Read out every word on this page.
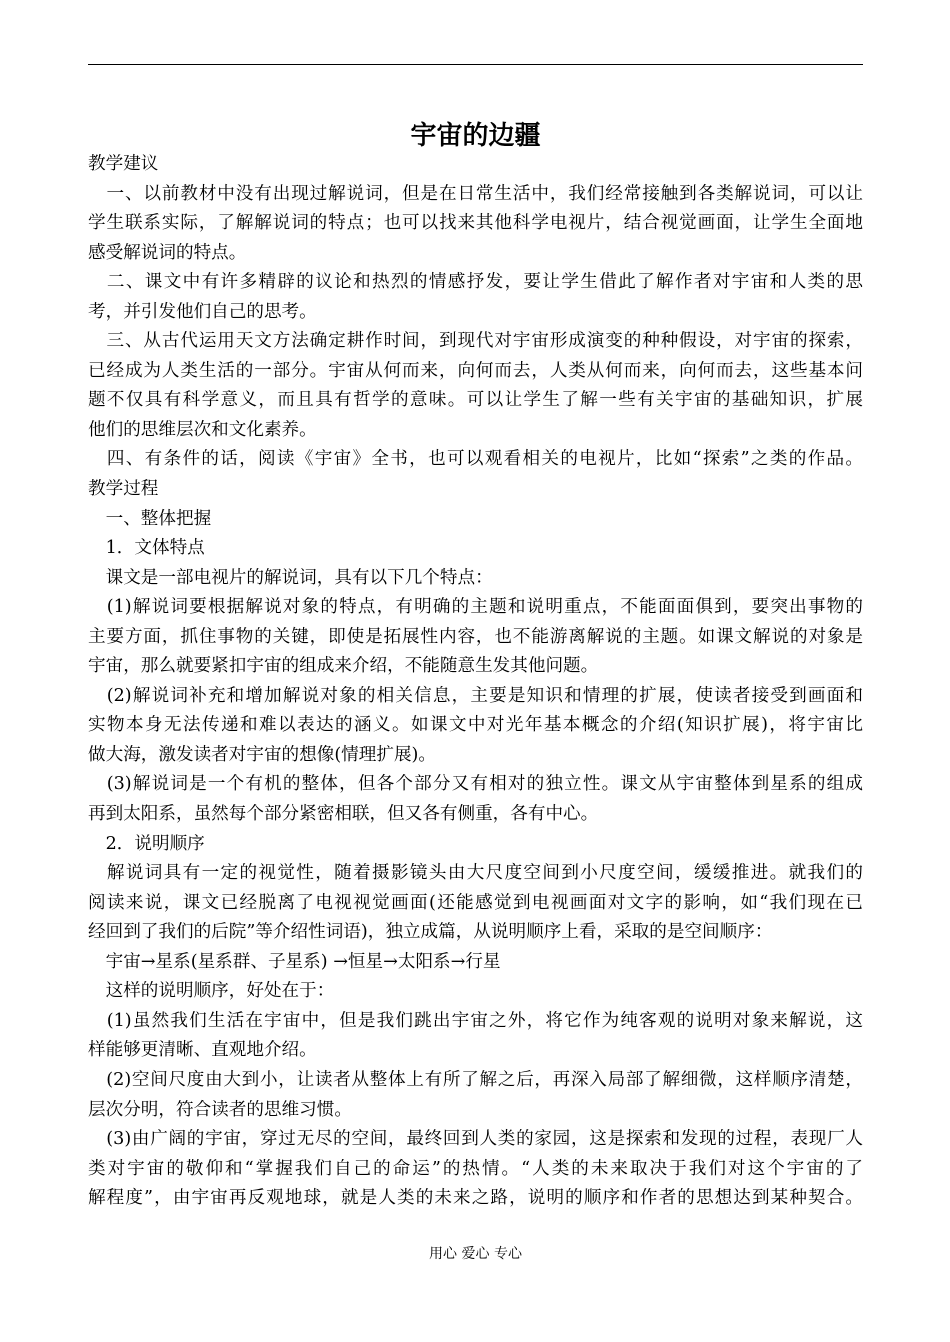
宇宙的边疆
教学建议
　一、以前教材中没有出现过解说词，但是在日常生活中，我们经常接触到各类解说词，可以让
学生联系实际，了解解说词的特点；也可以找来其他科学电视片，结合视觉画面，让学生全面地
感受解说词的特点。
　二、课文中有许多精辟的议论和热烈的情感抒发，要让学生借此了解作者对宇宙和人类的思
考，并引发他们自己的思考。
　三、从古代运用天文方法确定耕作时间，到现代对宇宙形成演变的种种假设，对宇宙的探索，
已经成为人类生活的一部分。宇宙从何而来，向何而去，人类从何而来，向何而去，这些基本问
题不仅具有科学意义，而且具有哲学的意味。可以让学生了解一些有关宇宙的基础知识，扩展
他们的思维层次和文化素养。
　四、有条件的话，阅读《宇宙》全书，也可以观看相关的电视片，比如“探索”之类的作品。
教学过程
　一、整体把握
　1．文体特点
　课文是一部电视片的解说词，具有以下几个特点：
　(1)解说词要根据解说对象的特点，有明确的主题和说明重点，不能面面俱到，要突出事物的
主要方面，抓住事物的关键，即使是拓展性内容，也不能游离解说的主题。如课文解说的对象是
宇宙，那么就要紧扣宇宙的组成来介绍，不能随意生发其他问题。
　(2)解说词补充和增加解说对象的相关信息，主要是知识和情理的扩展，使读者接受到画面和
实物本身无法传递和难以表达的涵义。如课文中对光年基本概念的介绍(知识扩展)，将宇宙比
做大海，激发读者对宇宙的想像(情理扩展)。
　(3)解说词是一个有机的整体，但各个部分又有相对的独立性。课文从宇宙整体到星系的组成
再到太阳系，虽然每个部分紧密相联，但又各有侧重，各有中心。
　2．说明顺序
　解说词具有一定的视觉性，随着摄影镜头由大尺度空间到小尺度空间，缓缓推进。就我们的
阅读来说，课文已经脱离了电视视觉画面(还能感觉到电视画面对文字的影响，如“我们现在已
经回到了我们的后院”等介绍性词语)，独立成篇，从说明顺序上看，采取的是空间顺序：
　宇宙→星系(星系群、子星系) →恒星→太阳系→行星
　这样的说明顺序，好处在于：
　(1)虽然我们生活在宇宙中，但是我们跳出宇宙之外，将它作为纯客观的说明对象来解说，这
样能够更清晰、直观地介绍。
　(2)空间尺度由大到小，让读者从整体上有所了解之后，再深入局部了解细微，这样顺序清楚，
层次分明，符合读者的思维习惯。
　(3)由广阔的宇宙，穿过无尽的空间，最终回到人类的家园，这是探索和发现的过程，表现厂人
类对宇宙的敬仰和“掌握我们自己的命运”的热情。“人类的未来取决于我们对这个宇宙的了
解程度”，由宇宙再反观地球，就是人类的未来之路，说明的顺序和作者的思想达到某种契合。
用心 爱心 专心
